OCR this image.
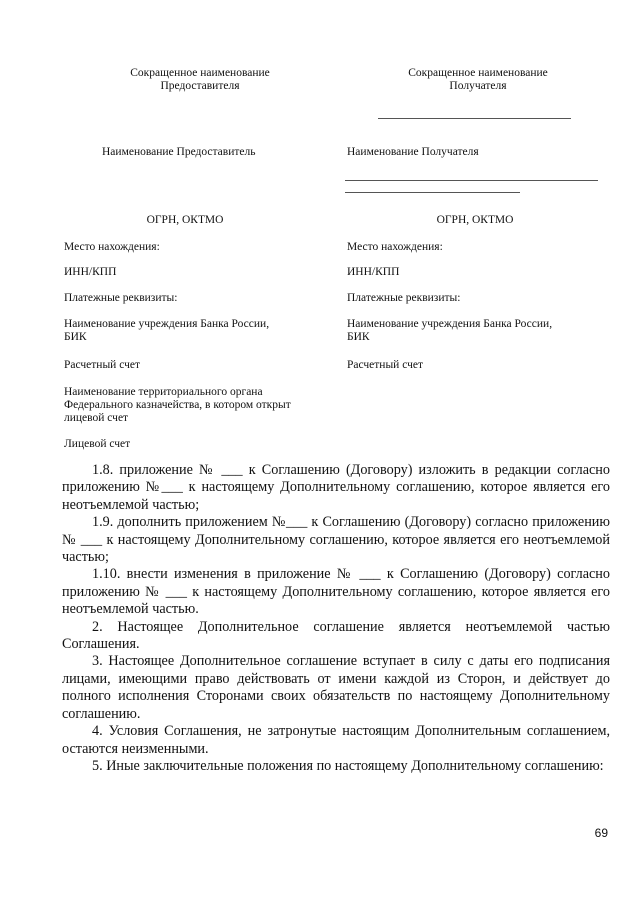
Сокращенное наименование
Предоставителя
Сокращенное наименование
Получателя
Наименование Предоставитель	Наименование Получателя
ОГРН, ОКТМО	ОГРН, ОКТМО
Место нахождения:
ИНН/КПП
Платежные реквизиты:
Наименование учреждения Банка России,
БИК
Расчетный счет
Наименование территориального органа
Федерального казначейства, в котором открыт
лицевой счет
Лицевой счет
Место нахождения:
ИНН/КПП
Платежные реквизиты:
Наименование учреждения Банка России,
БИК
Расчетный счет

1.8. приложение № ___ к Соглашению (Договору) изложить в редакции согласно приложению №___ к настоящему Дополнительному соглашению, которое является его неотъемлемой частью;

1.9. дополнить приложением №___ к Соглашению (Договору) согласно приложению № ___ к настоящему Дополнительному соглашению, которое является его неотъемлемой частью;

1.10. внести изменения в приложение № ___ к Соглашению (Договору) согласно приложению № ___ к настоящему Дополнительному соглашению, которое является его неотъемлемой частью.

2. Настоящее Дополнительное соглашение является неотъемлемой частью Соглашения.

3. Настоящее Дополнительное соглашение вступает в силу с даты его подписания лицами, имеющими право действовать от имени каждой из Сторон, и действует до полного исполнения Сторонами своих обязательств по настоящему Дополнительному соглашению.

4. Условия Соглашения, не затронутые настоящим Дополнительным соглашением, остаются неизменными.

5. Иные заключительные положения по настоящему Дополнительному соглашению:

69
